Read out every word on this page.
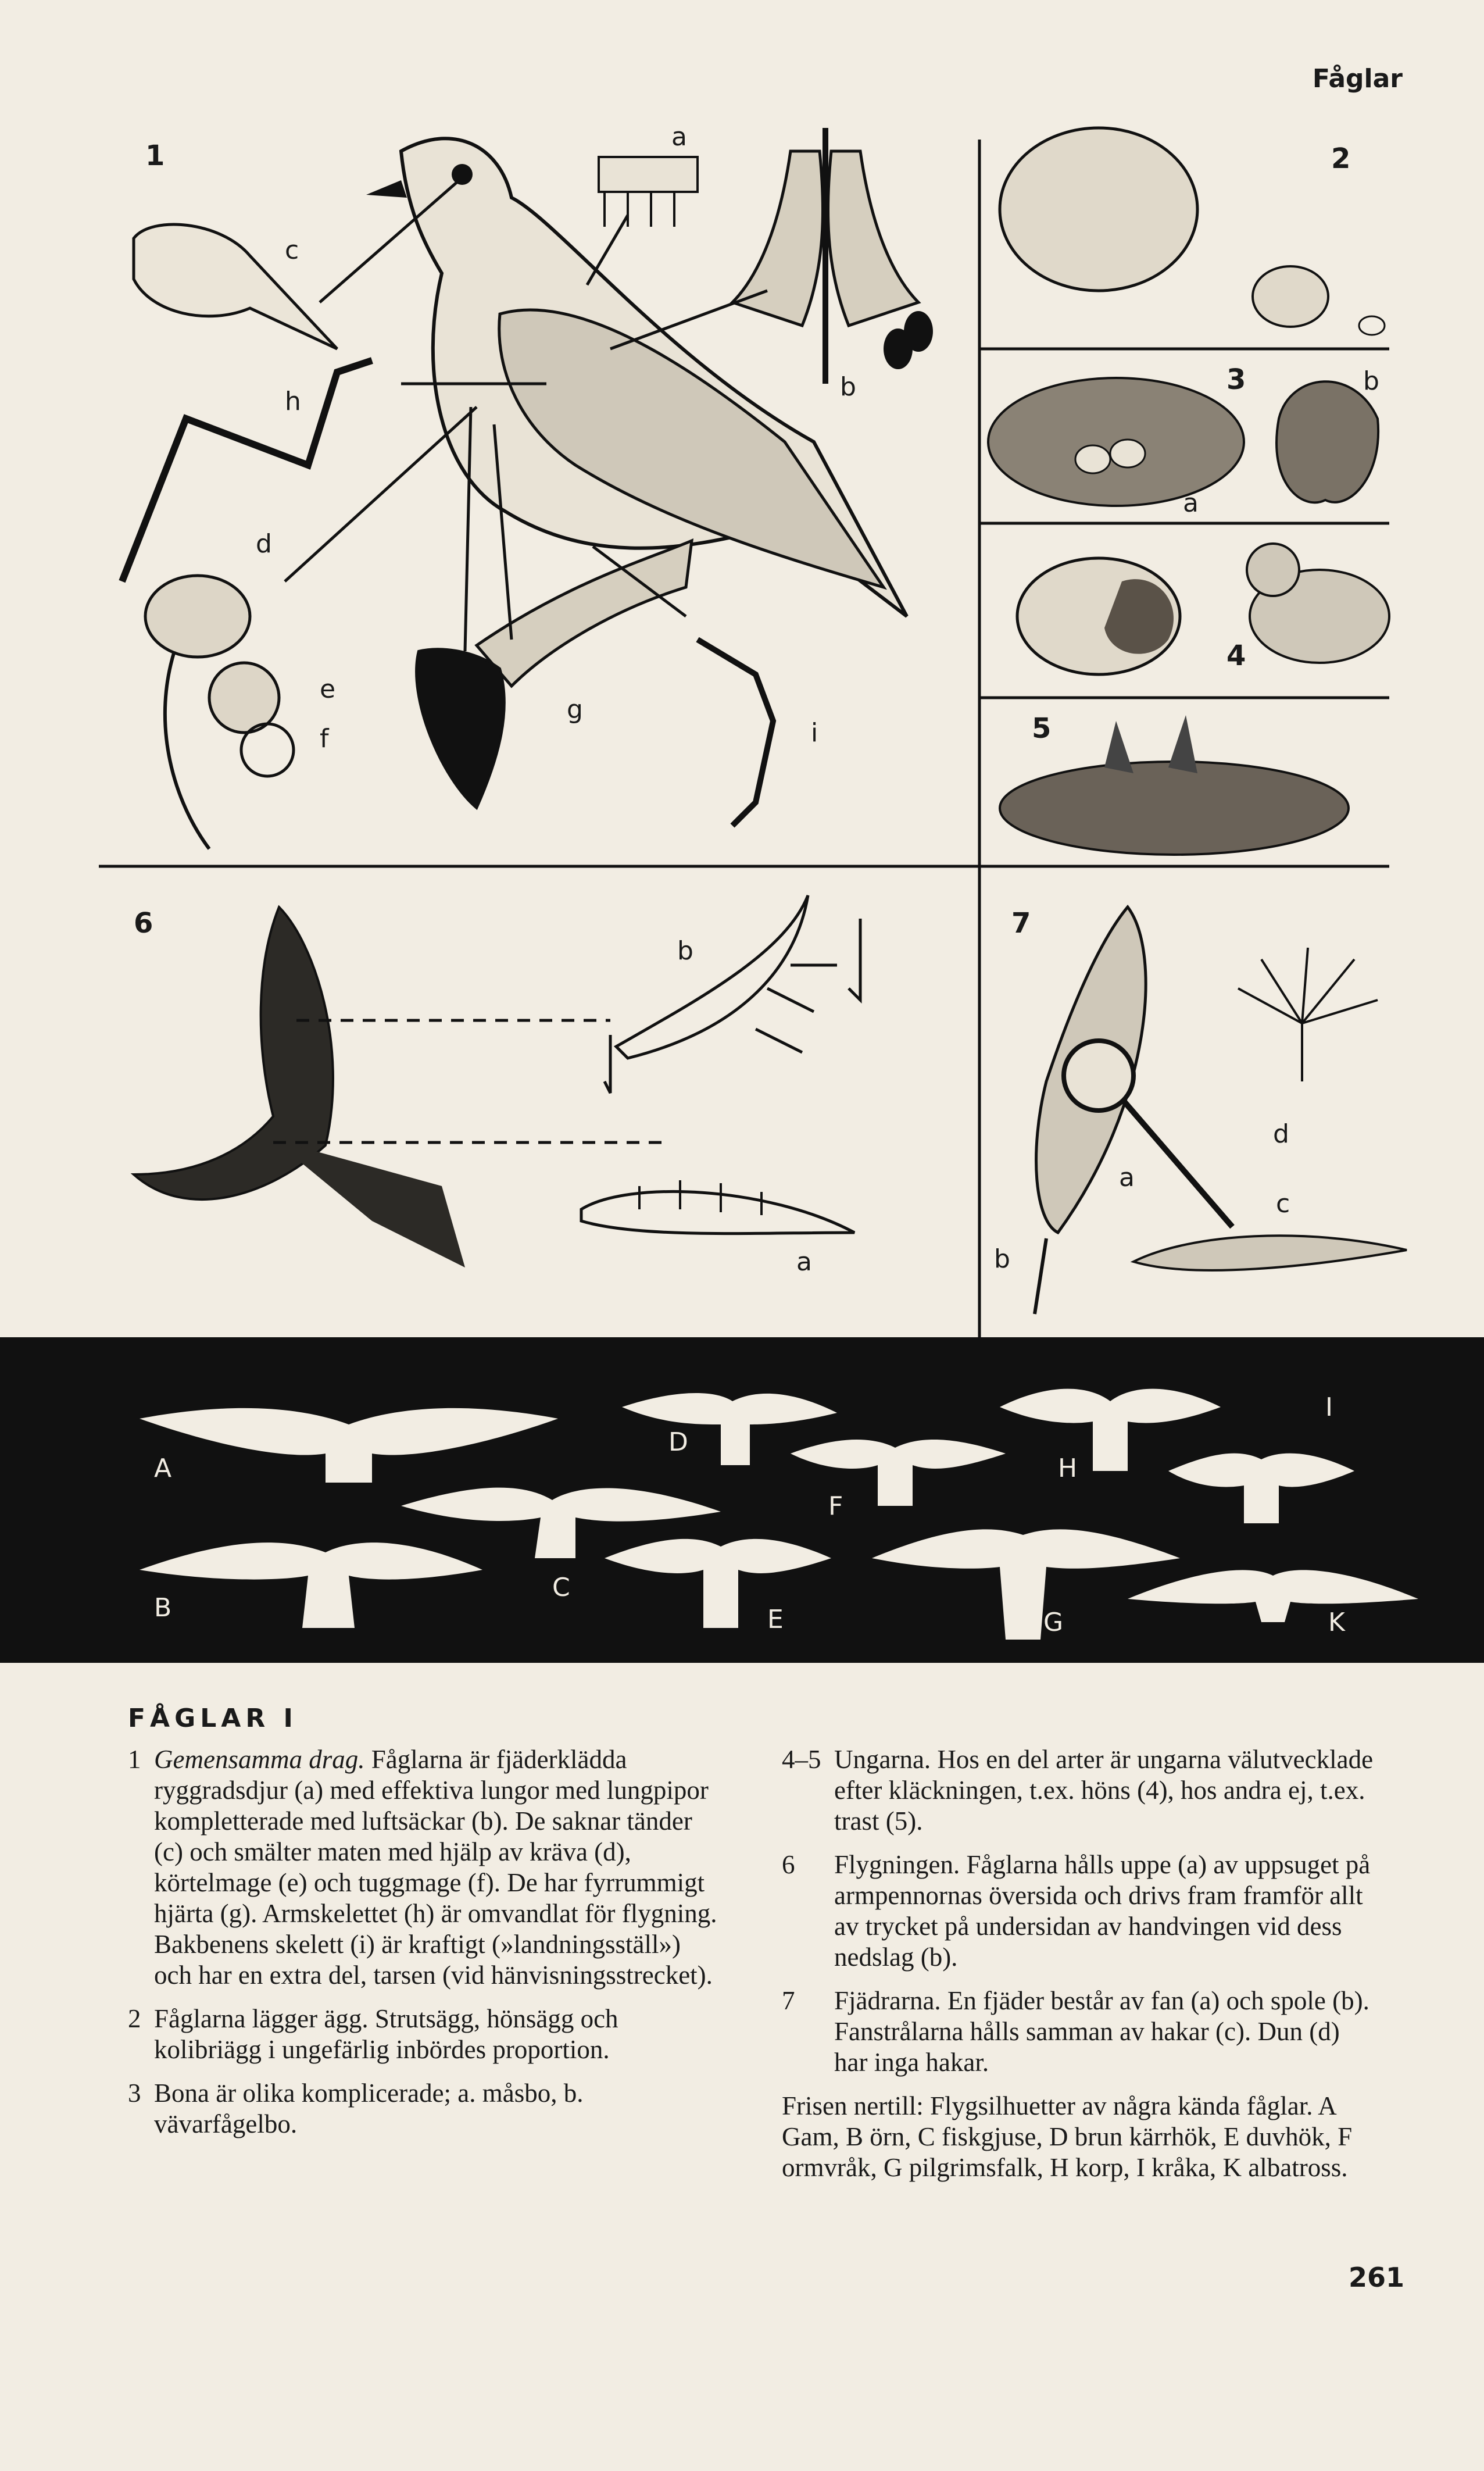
Fåglar
1	2
3
4
5
6	7
a
b
c
d
e
f
g
h
i
a
b
a
b
a
b
c
d
A
B
C
D
E
F
G
H
I
K
FÅGLAR I
1 Gemensamma drag. Fåglarna är fjäderklädda ryggradsdjur (a) med effektiva lungor med lungpipor kompletterade med luftsäckar (b). De saknar tänder (c) och smälter maten med hjälp av kräva (d), körtelmage (e) och tuggmage (f). De har fyrrummigt hjärta (g). Armskelettet (h) är omvandlat för flygning. Bakbenens skelett (i) är kraftigt (»landningsställ») och har en extra del, tarsen (vid hänvisningsstrecket).
2 Fåglarna lägger ägg. Strutsägg, hönsägg och kolibriägg i ungefärlig inbördes proportion.
3 Bona är olika komplicerade; a. måsbo, b. vävarfågelbo.
4–5 Ungarna. Hos en del arter är ungarna välutvecklade efter kläckningen, t.ex. höns (4), hos andra ej, t.ex. trast (5).
6	Flygningen. Fåglarna hålls uppe (a) av uppsuget på armpennornas översida och drivs fram framför allt av trycket på undersidan av handvingen vid dess nedslag (b).
7	Fjädrarna. En fjäder består av fan (a) och spole (b). Fanstrålarna hålls samman av hakar (c). Dun (d) har inga hakar.
Frisen nertill: Flygsilhuetter av några kända fåglar. A Gam, B örn, C fiskgjuse, D brun kärrhök, E duvhök, F ormvråk, G pilgrimsfalk, H korp, I kråka, K albatross.
261
